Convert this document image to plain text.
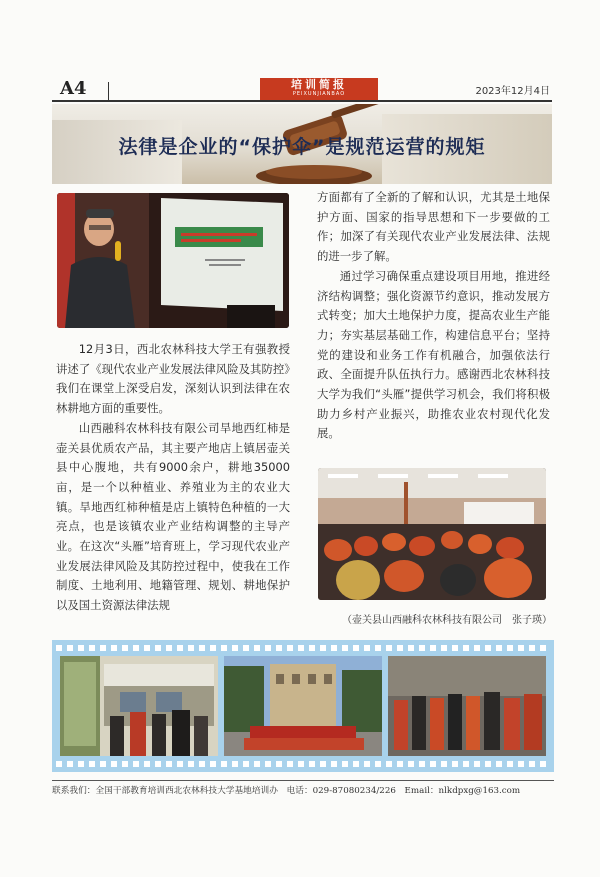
A4	培训简报
PEIXUNJIANBAO	2023年12月4日
法律是企业的“保护伞”是规范运营的规矩

12月3日，西北农林科技大学王有强教授讲述了《现代农业产业发展法律风险及其防控》我们在课堂上深受启发，深刻认识到法律在农林耕地方面的重要性。

山西融科农林科技有限公司旱地西红柿是壶关县优质农产品，其主要产地店上镇居壶关县中心腹地，共有9000余户，耕地35000亩，是一个以种植业、养殖业为主的农业大镇。旱地西红柿种植是店上镇特色种植的一大亮点，也是该镇农业产业结构调整的主导产业。在这次“头雁”培育班上，学习现代农业产业发展法律风险及其防控过程中，使我在工作制度、土地利用、地籍管理、规划、耕地保护以及国土资源法律法规

方面都有了全新的了解和认识，尤其是土地保护方面、国家的指导思想和下一步要做的工作；加深了有关现代农业产业发展法律、法规的进一步了解。

通过学习确保重点建设项目用地，推进经济结构调整；强化资源节约意识，推动发展方式转变；加大土地保护力度，提高农业生产能力；夯实基层基础工作，构建信息平台；坚持党的建设和业务工作有机融合，加强依法行政、全面提升队伍执行力。感谢西北农林科技大学为我们“头雁”提供学习机会，我们将积极助力乡村产业振兴，助推农业农村现代化发展。

（壶关县山西融科农林科技有限公司　张子瑛）
联系我们：全国干部教育培训西北农林科技大学基地培训办　电话：029-87080234/226　Email：nlkdpxg@163.com
